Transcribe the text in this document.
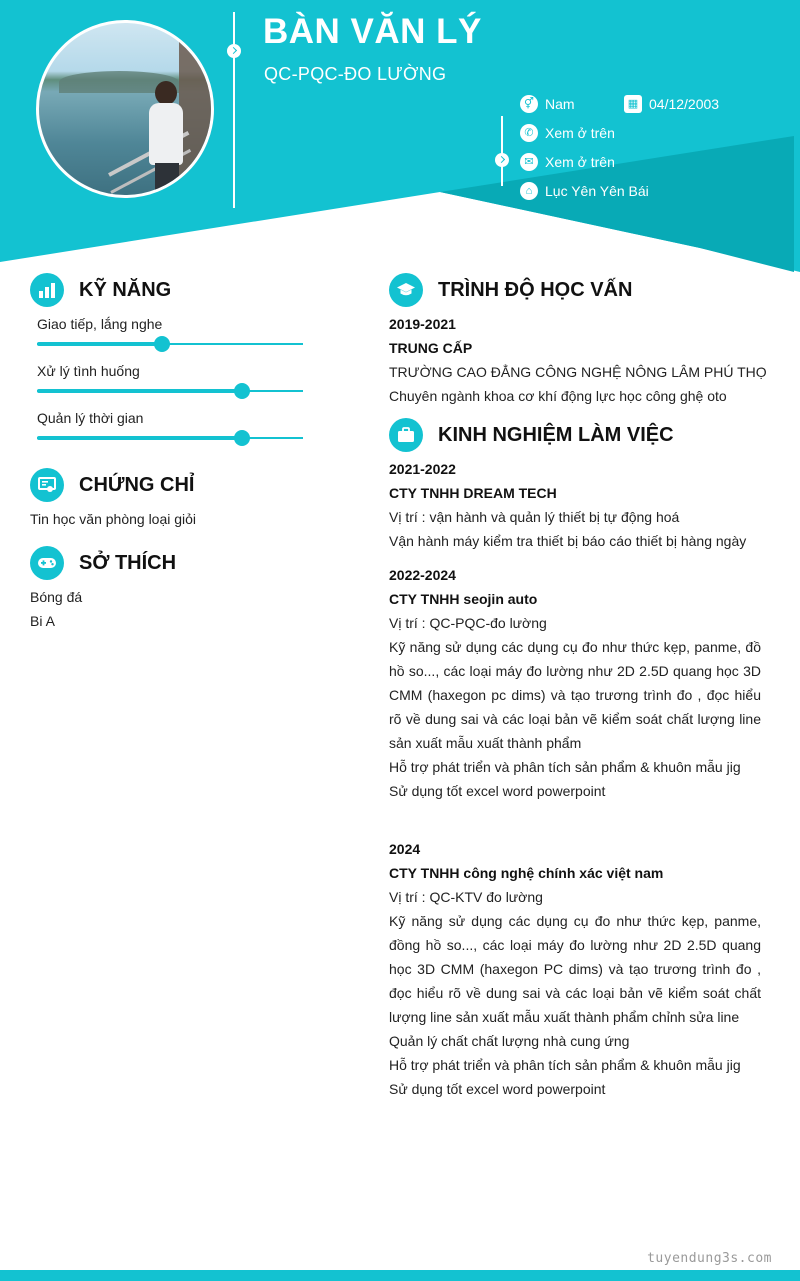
BÀN VĂN LÝ
QC-PQC-ĐO LƯỜNG
⚥ Nam	▦ 04/12/2003
✆ Xem ở trên
✉ Xem ở trên
⌂ Lục Yên Yên Bái
KỸ NĂNG
Giao tiếp, lắng nghe
Xử lý tình huống
Quản lý thời gian
CHỨNG CHỈ
Tin học văn phòng loại giỏi
SỞ THÍCH
Bóng đá
Bi A
TRÌNH ĐỘ HỌC VẤN
2019-2021
TRUNG CẤP
TRƯỜNG CAO ĐẲNG CÔNG NGHỆ NÔNG LÂM PHÚ THỌ
Chuyên ngành khoa cơ khí động lực học công ghệ oto
KINH NGHIỆM LÀM VIỆC
2021-2022
CTY TNHH DREAM TECH
Vị trí : vận hành và quản lý thiết bị tự động hoá
Vận hành máy kiểm tra thiết bị báo cáo thiết bị hàng ngày
2022-2024
CTY TNHH seojin auto
Vị trí : QC-PQC-đo lường
Kỹ năng sử dụng các dụng cụ đo như thức kẹp, panme, đồ hồ so..., các loại máy đo lường như 2D 2.5D quang học 3D CMM (haxegon pc dims) và tạo trương trình đo , đọc hiểu rõ về dung sai và các loại bản vẽ kiểm soát chất lượng line sản xuất mẫu xuất thành phẩm
Hỗ trợ phát triển và phân tích sản phẩm & khuôn mẫu jig
Sử dụng tốt excel word powerpoint
2024
CTY TNHH công nghệ chính xác việt nam
Vị trí : QC-KTV đo lường
Kỹ năng sử dụng các dụng cụ đo như thức kẹp, panme, đồng hồ so..., các loại máy đo lường như 2D 2.5D quang học 3D CMM (haxegon PC dims) và tạo trương trình đo , đọc hiểu rõ về dung sai và các loại bản vẽ kiểm soát chất lượng line sản xuất mẫu xuất thành phẩm chỉnh sửa line
Quản lý chất chất lượng nhà cung ứng
Hỗ trợ phát triển và phân tích sản phẩm & khuôn mẫu jig
Sử dụng tốt excel word powerpoint
tuyendung3s.com
